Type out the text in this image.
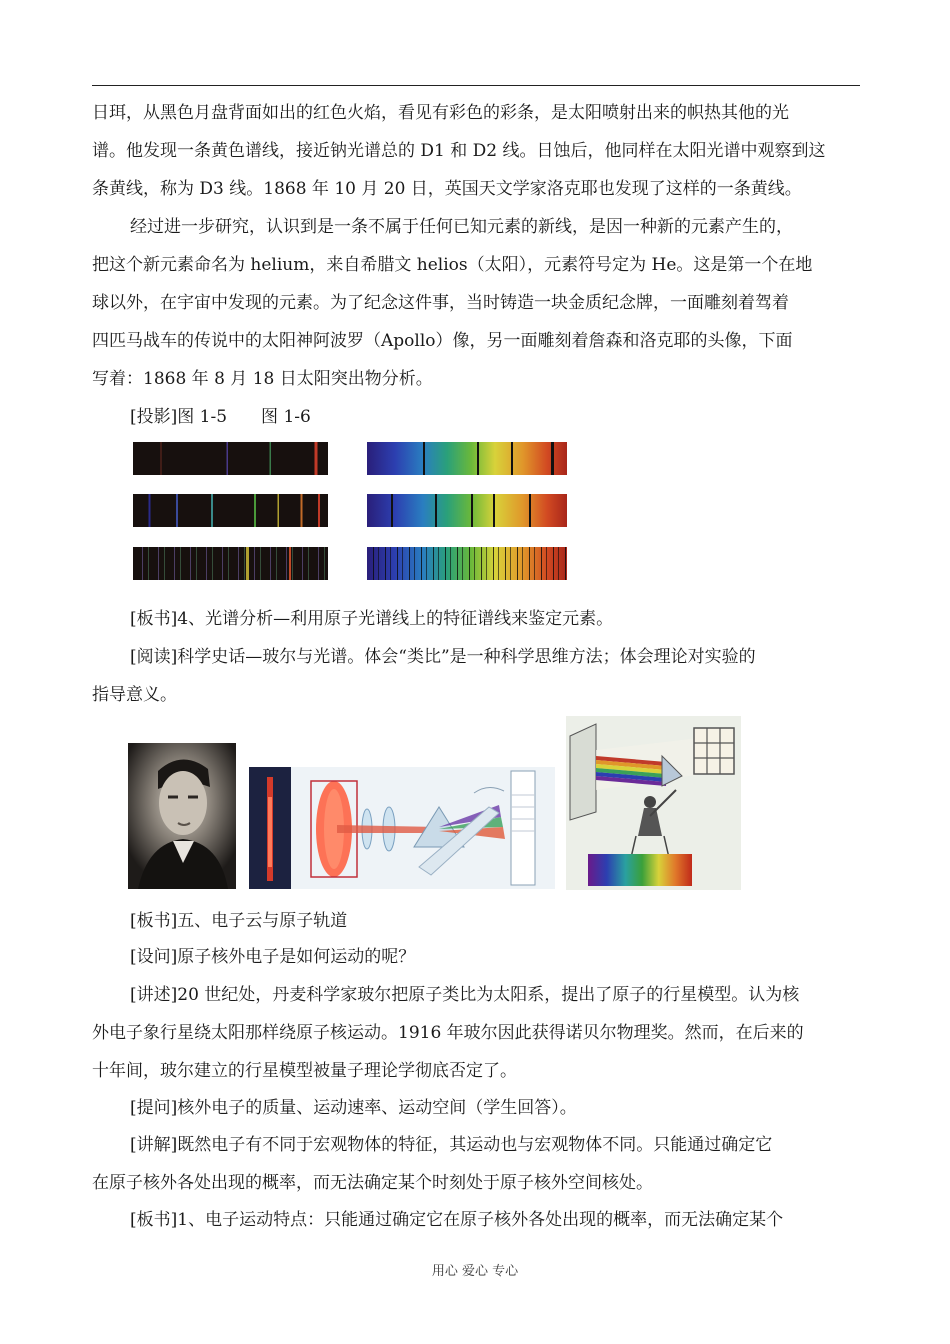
日珥，从黑色月盘背面如出的红色火焰，看见有彩色的彩条，是太阳喷射出来的帜热其他的光
谱。他发现一条黄色谱线，接近钠光谱总的 D1 和 D2 线。日蚀后，他同样在太阳光谱中观察到这
条黄线，称为 D3 线。1868 年 10 月 20 日，英国天文学家洛克耶也发现了这样的一条黄线。
经过进一步研究，认识到是一条不属于任何已知元素的新线，是因一种新的元素产生的，
把这个新元素命名为 helium，来自希腊文 helios（太阳），元素符号定为 He。这是第一个在地
球以外，在宇宙中发现的元素。为了纪念这件事，当时铸造一块金质纪念牌，一面雕刻着驾着
四匹马战车的传说中的太阳神阿波罗（Apollo）像，另一面雕刻着詹森和洛克耶的头像，下面
写着：1868 年 8 月 18 日太阳突出物分析。
[投影]图 1-5　　图 1-6
[板书]4、光谱分析—利用原子光谱线上的特征谱线来鉴定元素。
[阅读]科学史话—玻尔与光谱。体会“类比”是一种科学思维方法；体会理论对实验的
指导意义。
[板书]五、电子云与原子轨道
[设问]原子核外电子是如何运动的呢？
[讲述]20 世纪处，丹麦科学家玻尔把原子类比为太阳系，提出了原子的行星模型。认为核
外电子象行星绕太阳那样绕原子核运动。1916 年玻尔因此获得诺贝尔物理奖。然而，在后来的
十年间，玻尔建立的行星模型被量子理论学彻底否定了。
[提问]核外电子的质量、运动速率、运动空间（学生回答）。
[讲解]既然电子有不同于宏观物体的特征，其运动也与宏观物体不同。只能通过确定它
在原子核外各处出现的概率，而无法确定某个时刻处于原子核外空间核处。
[板书]1、电子运动特点：只能通过确定它在原子核外各处出现的概率，而无法确定某个
用心 爱心 专心
